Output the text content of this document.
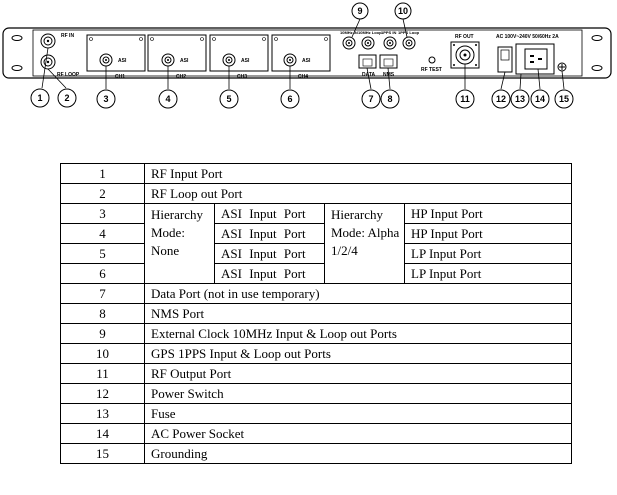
RF IN
RF LOOP
ASI
CH1
ASI
CH2
ASI
CH3
ASI
CH4
10MHz IN 10MHz Loop 1PPS IN 1PPS Loop
DATA NMS
RF TEST
RF OUT	AC 100V~240V 50/60Hz 2A
1 2	3	4	5	6	7 8
9	10
11	12 13 14 15
1	RF Input Port			
2	RF Loop out Port			
3	Hierarchy Mode: None	ASI Input Port	Hierarchy Mode: Alpha 1/2/4	HP Input Port
4		ASI Input Port		HP Input Port
5		ASI Input Port		LP Input Port
6		ASI Input Port		LP Input Port
7	Data Port (not in use temporary)			
8	NMS Port			
9	External Clock 10MHz Input & Loop out Ports			
10	GPS 1PPS Input & Loop out Ports			
11	RF Output Port			
12	Power Switch			
13	Fuse			
14	AC Power Socket			
15	Grounding			
